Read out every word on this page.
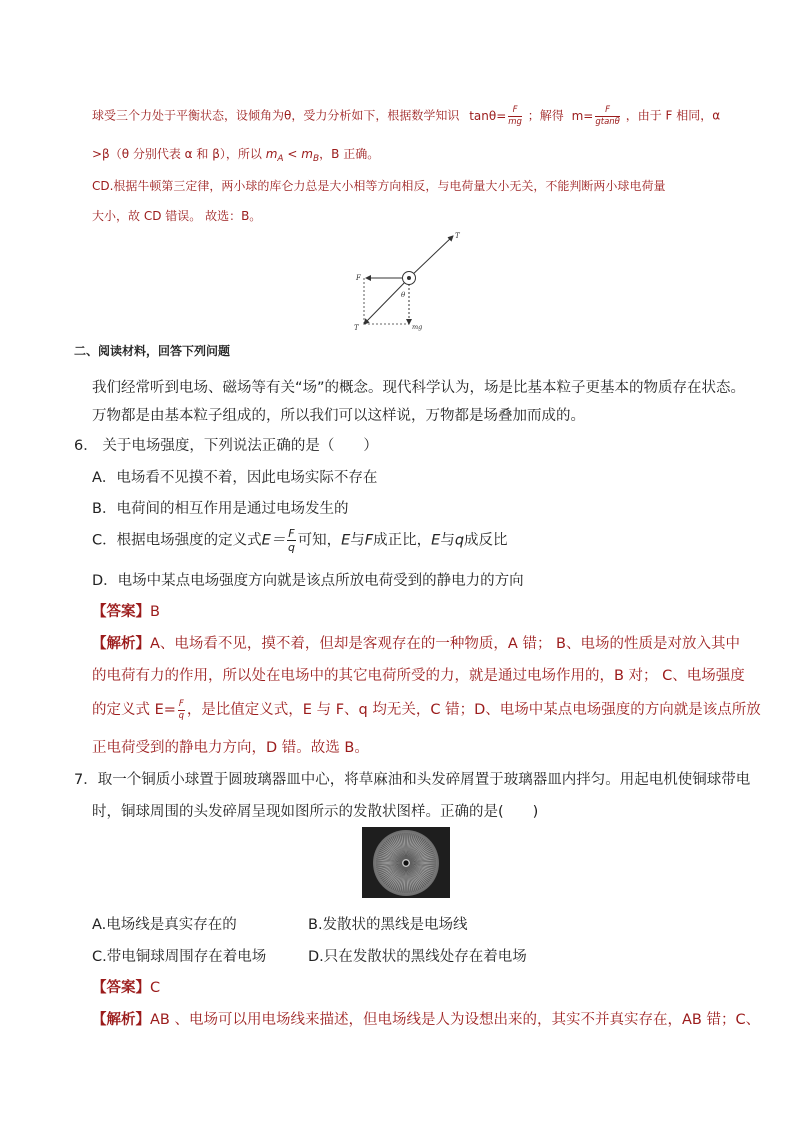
球受三个力处于平衡状态，设倾角为θ，受力分析如下，根据数学知识 $\tan\theta= \frac{F}{mg}$ ；解得 $m= \frac{F}{gtan\theta}$ ，由于 F 相同，α
>β（θ 分别代表 α 和 β），所以 $m_A < m_B$，B 正确。
CD.根据牛顿第三定律，两小球的库仑力总是大小相等方向相反，与电荷量大小无关，不能判断两小球电荷量
大小，故 CD 错误。 故选：B。
T
F
θ
T	mg
二、阅读材料，回答下列问题
我们经常听到电场、磁场等有关“场”的概念。现代科学认为，场是比基本粒子更基本的物质存在状态。
万物都是由基本粒子组成的，所以我们可以这样说，万物都是场叠加而成的。
6． 关于电场强度，下列说法正确的是（　　）
A．电场看不见摸不着，因此电场实际不存在
B．电荷间的相互作用是通过电场发生的
C．根据电场强度的定义式$E= \frac{F}{q}$ 可知，E与F成正比，E与q成反比
D．电场中某点电场强度方向就是该点所放电荷受到的静电力的方向
【答案】B
【解析】A、电场看不见，摸不着，但却是客观存在的一种物质，A 错； B、电场的性质是对放入其中
的电荷有力的作用，所以处在电场中的其它电荷所受的力，就是通过电场作用的，B 对； C、电场强度
的定义式 $E= \frac{F}{q}$ ，是比值定义式，E 与 F、q 均无关，C 错；D、电场中某点电场强度的方向就是该点所放
正电荷受到的静电力方向，D 错。故选 B。
7．取一个铜质小球置于圆玻璃器皿中心，将草麻油和头发碎屑置于玻璃器皿内拌匀。用起电机使铜球带电
时，铜球周围的头发碎屑呈现如图所示的发散状图样。正确的是(　　)
A.电场线是真实存在的	B.发散状的黑线是电场线
C.带电铜球周围存在着电场	D.只在发散状的黑线处存在着电场
【答案】C
【解析】AB 、电场可以用电场线来描述，但电场线是人为设想出来的，其实不并真实存在，AB 错；C、
